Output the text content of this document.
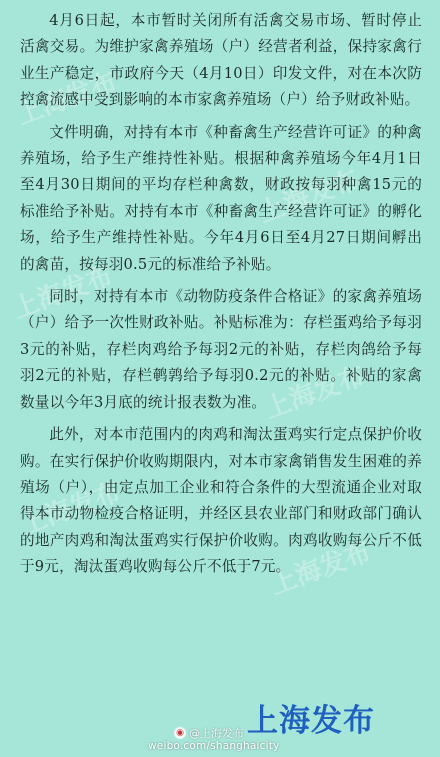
上海发布
上海发布
上海发布
上海发布
上海发布
上海发布

4月6日起，本市暂时关闭所有活禽交易市场、暂时停止活禽交易。为维护家禽养殖场（户）经营者利益，保持家禽行业生产稳定，市政府今天（4月10日）印发文件，对在本次防控禽流感中受到影响的本市家禽养殖场（户）给予财政补贴。

文件明确，对持有本市《种畜禽生产经营许可证》的种禽养殖场，给予生产维持性补贴。根据种禽养殖场今年4月1日至4月30日期间的平均存栏种禽数，财政按每羽种禽15元的标准给予补贴。对持有本市《种畜禽生产经营许可证》的孵化场，给予生产维持性补贴。今年4月6日至4月27日期间孵出的禽苗，按每羽0.5元的标准给予补贴。

同时，对持有本市《动物防疫条件合格证》的家禽养殖场（户）给予一次性财政补贴。补贴标准为：存栏蛋鸡给予每羽3元的补贴，存栏肉鸡给予每羽2元的补贴，存栏肉鸽给予每羽2元的补贴，存栏鹌鹑给予每羽0.2元的补贴。补贴的家禽数量以今年3月底的统计报表数为准。

此外，对本市范围内的肉鸡和淘汰蛋鸡实行定点保护价收购。在实行保护价收购期限内，对本市家禽销售发生困难的养殖场（户），由定点加工企业和符合条件的大型流通企业对取得本市动物检疫合格证明，并经区县农业部门和财政部门确认的地产肉鸡和淘汰蛋鸡实行保护价收购。肉鸡收购每公斤不低于9元，淘汰蛋鸡收购每公斤不低于7元。

上海发布
◉ @上海发布
weibo.com/shanghaicity
